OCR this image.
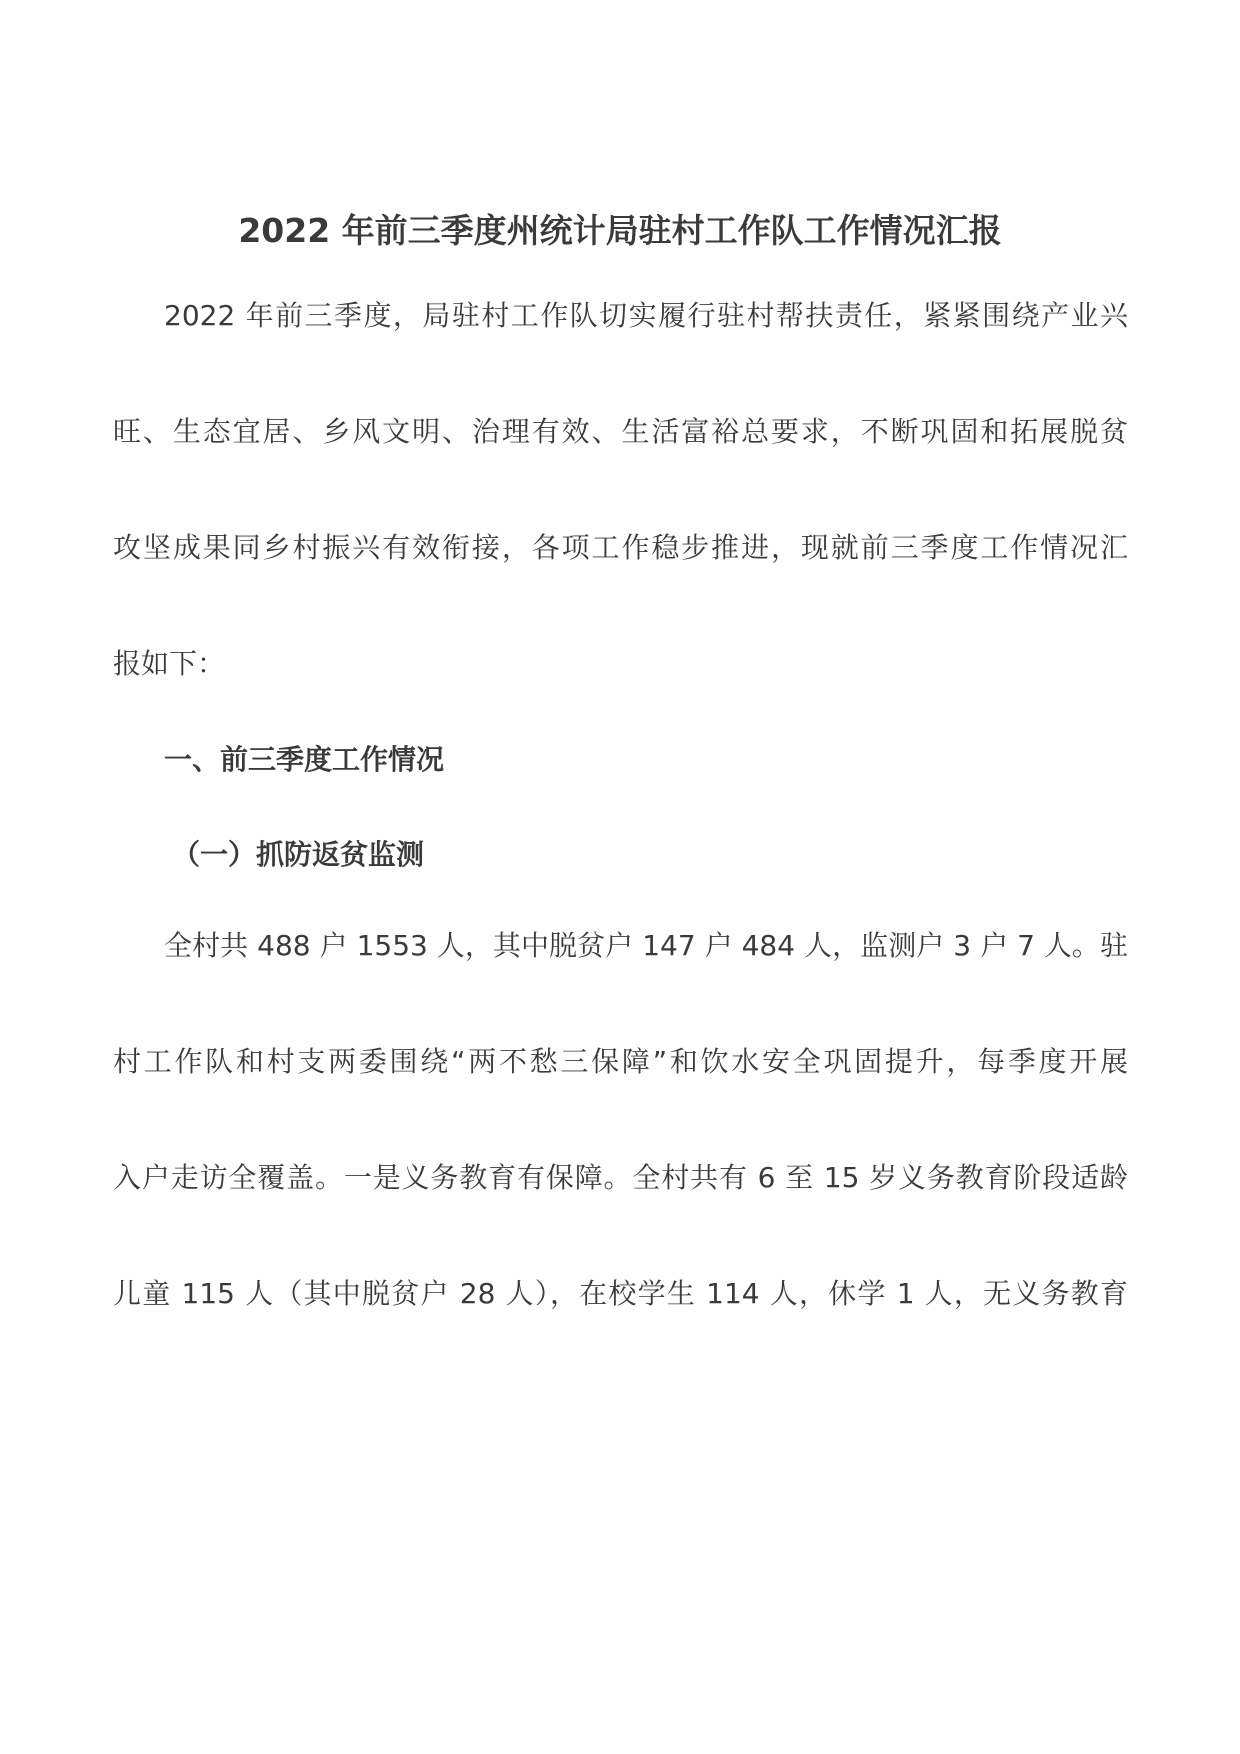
2022 年前三季度州统计局驻村工作队工作情况汇报
2022 年前三季度，局驻村工作队切实履行驻村帮扶责任，紧紧围绕产业兴
旺、生态宜居、乡风文明、治理有效、生活富裕总要求，不断巩固和拓展脱贫
攻坚成果同乡村振兴有效衔接，各项工作稳步推进，现就前三季度工作情况汇
报如下：
一、前三季度工作情况
（一）抓防返贫监测
全村共 488 户 1553 人，其中脱贫户 147 户 484 人，监测户 3 户 7 人。驻
村工作队和村支两委围绕“两不愁三保障”和饮水安全巩固提升，每季度开展
入户走访全覆盖。一是义务教育有保障。全村共有 6 至 15 岁义务教育阶段适龄
儿童 115 人（其中脱贫户 28 人），在校学生 114 人，休学 1 人，无义务教育
